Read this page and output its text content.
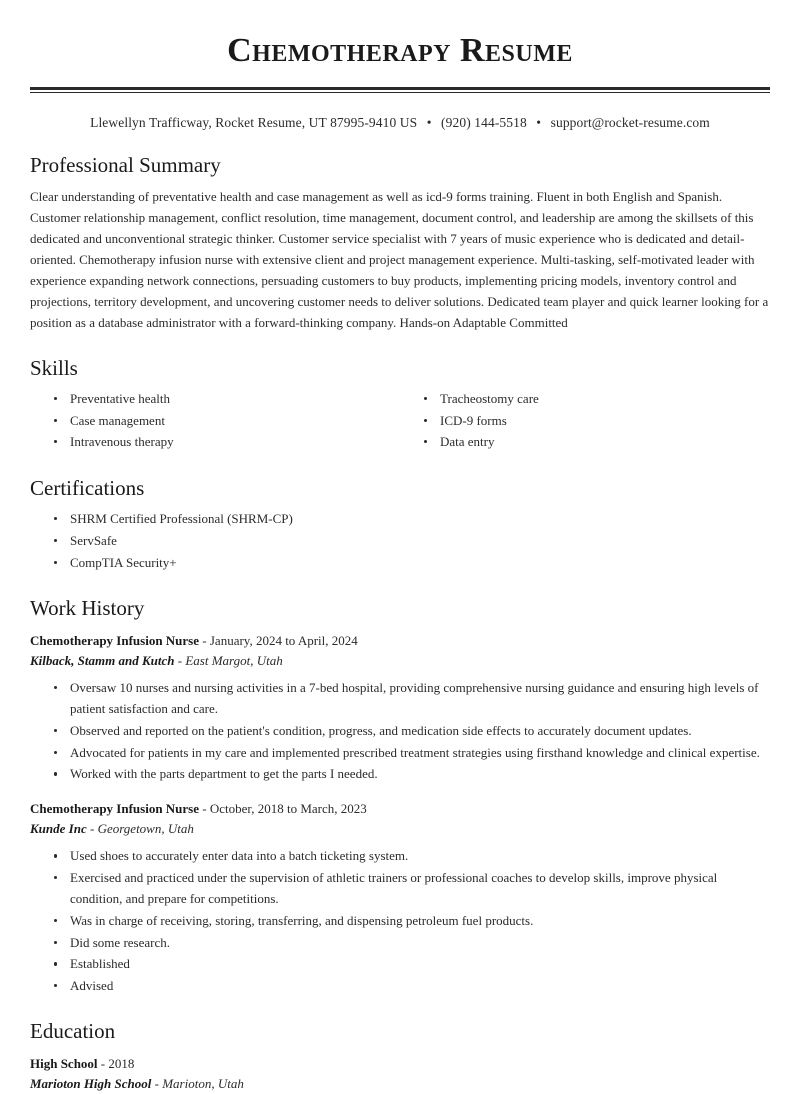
Chemotherapy Resume
Llewellyn Trafficway, Rocket Resume, UT 87995-9410 US • (920) 144-5518 • support@rocket-resume.com
Professional Summary

Clear understanding of preventative health and case management as well as icd-9 forms training. Fluent in both English and Spanish. Customer relationship management, conflict resolution, time management, document control, and leadership are among the skillsets of this dedicated and unconventional strategic thinker. Customer service specialist with 7 years of music experience who is dedicated and detail-oriented. Chemotherapy infusion nurse with extensive client and project management experience. Multi-tasking, self-motivated leader with experience expanding network connections, persuading customers to buy products, implementing pricing models, inventory control and projections, territory development, and uncovering customer needs to deliver solutions. Dedicated team player and quick learner looking for a position as a database administrator with a forward-thinking company. Hands-on Adaptable Committed

Skills
Preventative health
Case management
Intravenous therapy
Tracheostomy care
ICD-9 forms
Data entry
Certifications
SHRM Certified Professional (SHRM-CP)
ServSafe
CompTIA Security+
Work History
Chemotherapy Infusion Nurse - January, 2024 to April, 2024
Kilback, Stamm and Kutch - East Margot, Utah
Oversaw 10 nurses and nursing activities in a 7-bed hospital, providing comprehensive nursing guidance and ensuring high levels of patient satisfaction and care.
Observed and reported on the patient's condition, progress, and medication side effects to accurately document updates.
Advocated for patients in my care and implemented prescribed treatment strategies using firsthand knowledge and clinical expertise.
Worked with the parts department to get the parts I needed.
Chemotherapy Infusion Nurse - October, 2018 to March, 2023
Kunde Inc - Georgetown, Utah
Used shoes to accurately enter data into a batch ticketing system.
Exercised and practiced under the supervision of athletic trainers or professional coaches to develop skills, improve physical condition, and prepare for competitions.
Was in charge of receiving, storing, transferring, and dispensing petroleum fuel products.
Did some research.
Established
Advised
Education
High School - 2018
Marioton High School - Marioton, Utah
